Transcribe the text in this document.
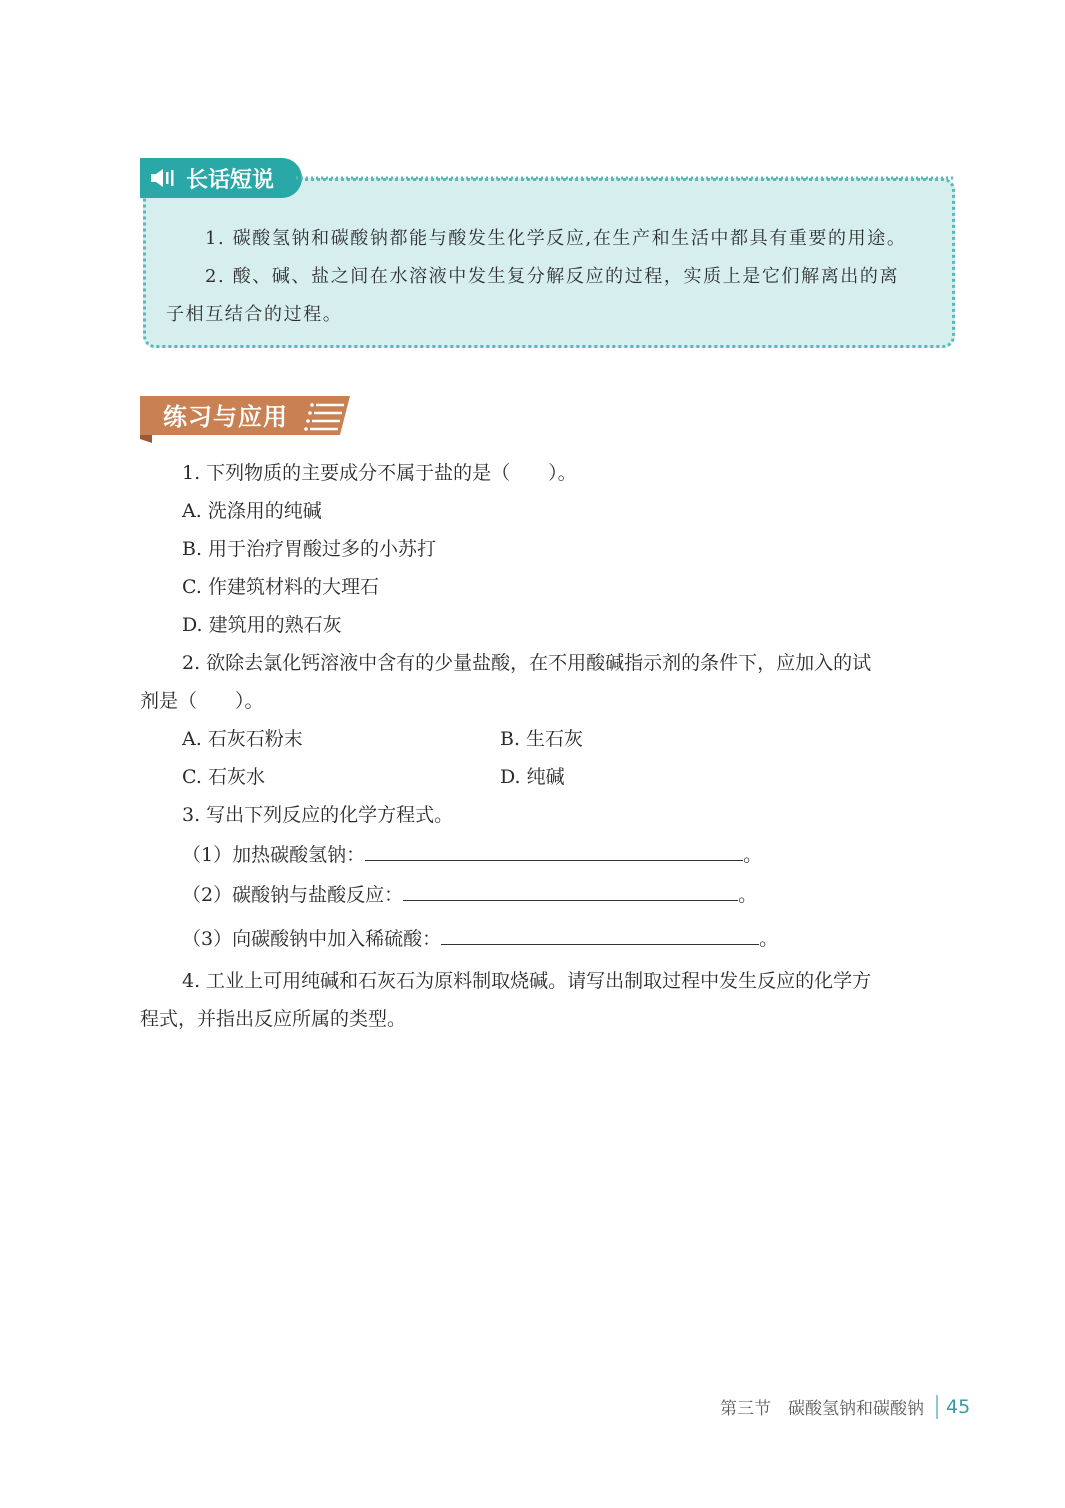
长话短说
1. 碳酸氢钠和碳酸钠都能与酸发生化学反应,在生产和生活中都具有重要的用途。
2. 酸、碱、盐之间在水溶液中发生复分解反应的过程，实质上是它们解离出的离
子相互结合的过程。
练习与应用
1. 下列物质的主要成分不属于盐的是（　　）。
A. 洗涤用的纯碱
B. 用于治疗胃酸过多的小苏打
C. 作建筑材料的大理石
D. 建筑用的熟石灰
2. 欲除去氯化钙溶液中含有的少量盐酸，在不用酸碱指示剂的条件下，应加入的试
剂是（　　）。
A. 石灰石粉末	B. 生石灰
C. 石灰水	D. 纯碱
3. 写出下列反应的化学方程式。
（1）加热碳酸氢钠：	。
（2）碳酸钠与盐酸反应：	。
（3）向碳酸钠中加入稀硫酸：	。
4. 工业上可用纯碱和石灰石为原料制取烧碱。请写出制取过程中发生反应的化学方
程式，并指出反应所属的类型。
第三节　碳酸氢钠和碳酸钠 45
